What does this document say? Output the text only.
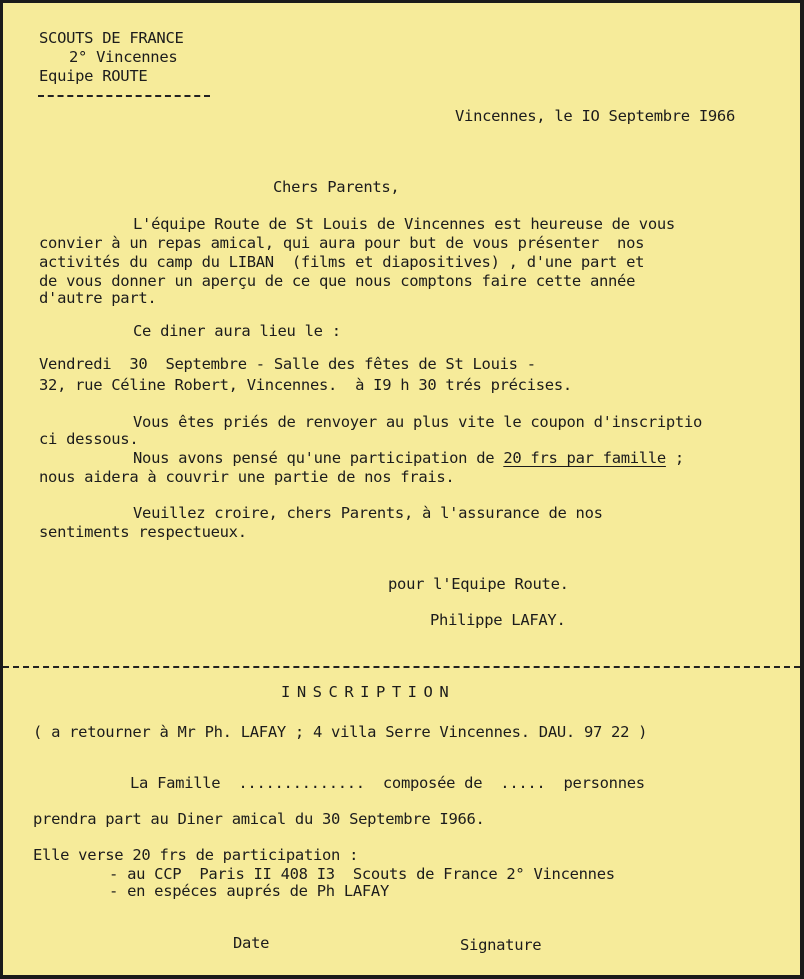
SCOUTS DE FRANCE
2° Vincennes
Equipe ROUTE
Vincennes, le IO Septembre I966
Chers Parents,
L'équipe Route de St Louis de Vincennes est heureuse de vous
convier à un repas amical, qui aura pour but de vous présenter  nos
activités du camp du LIBAN  (films et diapositives) , d'une part et
de vous donner un aperçu de ce que nous comptons faire cette année
d'autre part.
Ce diner aura lieu le :
Vendredi  30  Septembre - Salle des fêtes de St Louis -
32, rue Céline Robert, Vincennes.  à I9 h 30 trés précises.
Vous êtes priés de renvoyer au plus vite le coupon d'inscriptio
ci dessous.
Nous avons pensé qu'une participation de 20 frs par famille ;
nous aidera à couvrir une partie de nos frais.
Veuillez croire, chers Parents, à l'assurance de nos
sentiments respectueux.
pour l'Equipe Route.
Philippe LAFAY.
INSCRIPTION
( a retourner à Mr Ph. LAFAY ; 4 villa Serre Vincennes. DAU. 97 22 )
La Famille  ..............  composée de  .....  personnes
prendra part au Diner amical du 30 Septembre I966.
Elle verse 20 frs de participation :
- au CCP  Paris II 408 I3  Scouts de France 2° Vincennes
- en espéces auprés de Ph LAFAY
Date	Signature
